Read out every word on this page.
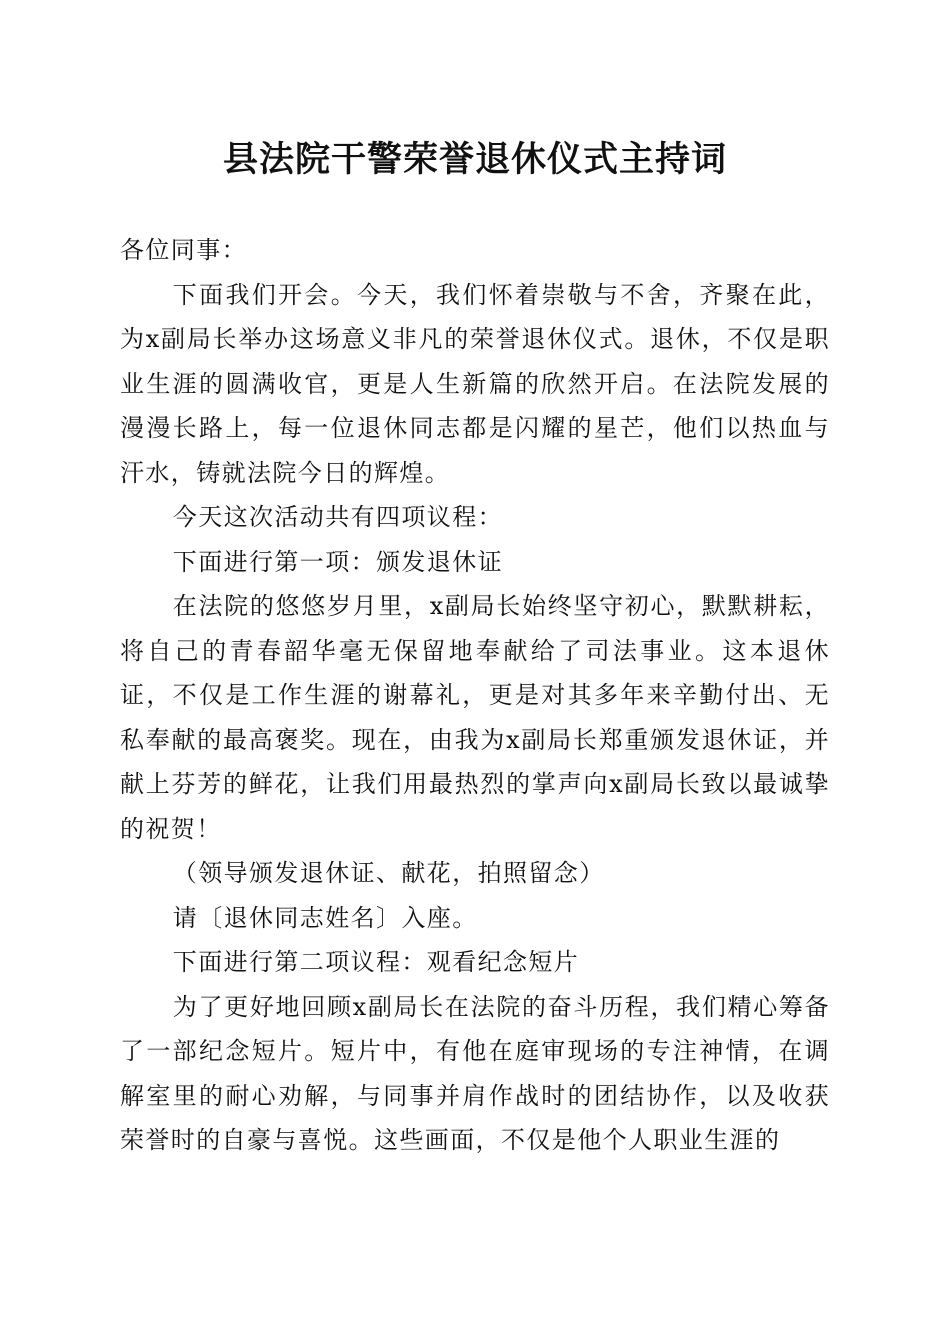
县法院干警荣誉退休仪式主持词

各位同事：

下面我们开会。今天，我们怀着崇敬与不舍，齐聚在此，为x副局长举办这场意义非凡的荣誉退休仪式。退休，不仅是职业生涯的圆满收官，更是人生新篇的欣然开启。在法院发展的漫漫长路上，每一位退休同志都是闪耀的星芒，他们以热血与汗水，铸就法院今日的辉煌。

今天这次活动共有四项议程：

下面进行第一项：颁发退休证

在法院的悠悠岁月里，x副局长始终坚守初心，默默耕耘，将自己的青春韶华毫无保留地奉献给了司法事业。这本退休证，不仅是工作生涯的谢幕礼，更是对其多年来辛勤付出、无私奉献的最高褒奖。现在，由我为x副局长郑重颁发退休证，并献上芬芳的鲜花，让我们用最热烈的掌声向x副局长致以最诚挚的祝贺！

（领导颁发退休证、献花，拍照留念）

请〔退休同志姓名〕入座。

下面进行第二项议程：观看纪念短片

为了更好地回顾x副局长在法院的奋斗历程，我们精心筹备了一部纪念短片。短片中，有他在庭审现场的专注神情，在调解室里的耐心劝解，与同事并肩作战时的团结协作，以及收获荣誉时的自豪与喜悦。这些画面，不仅是他个人职业生涯的
